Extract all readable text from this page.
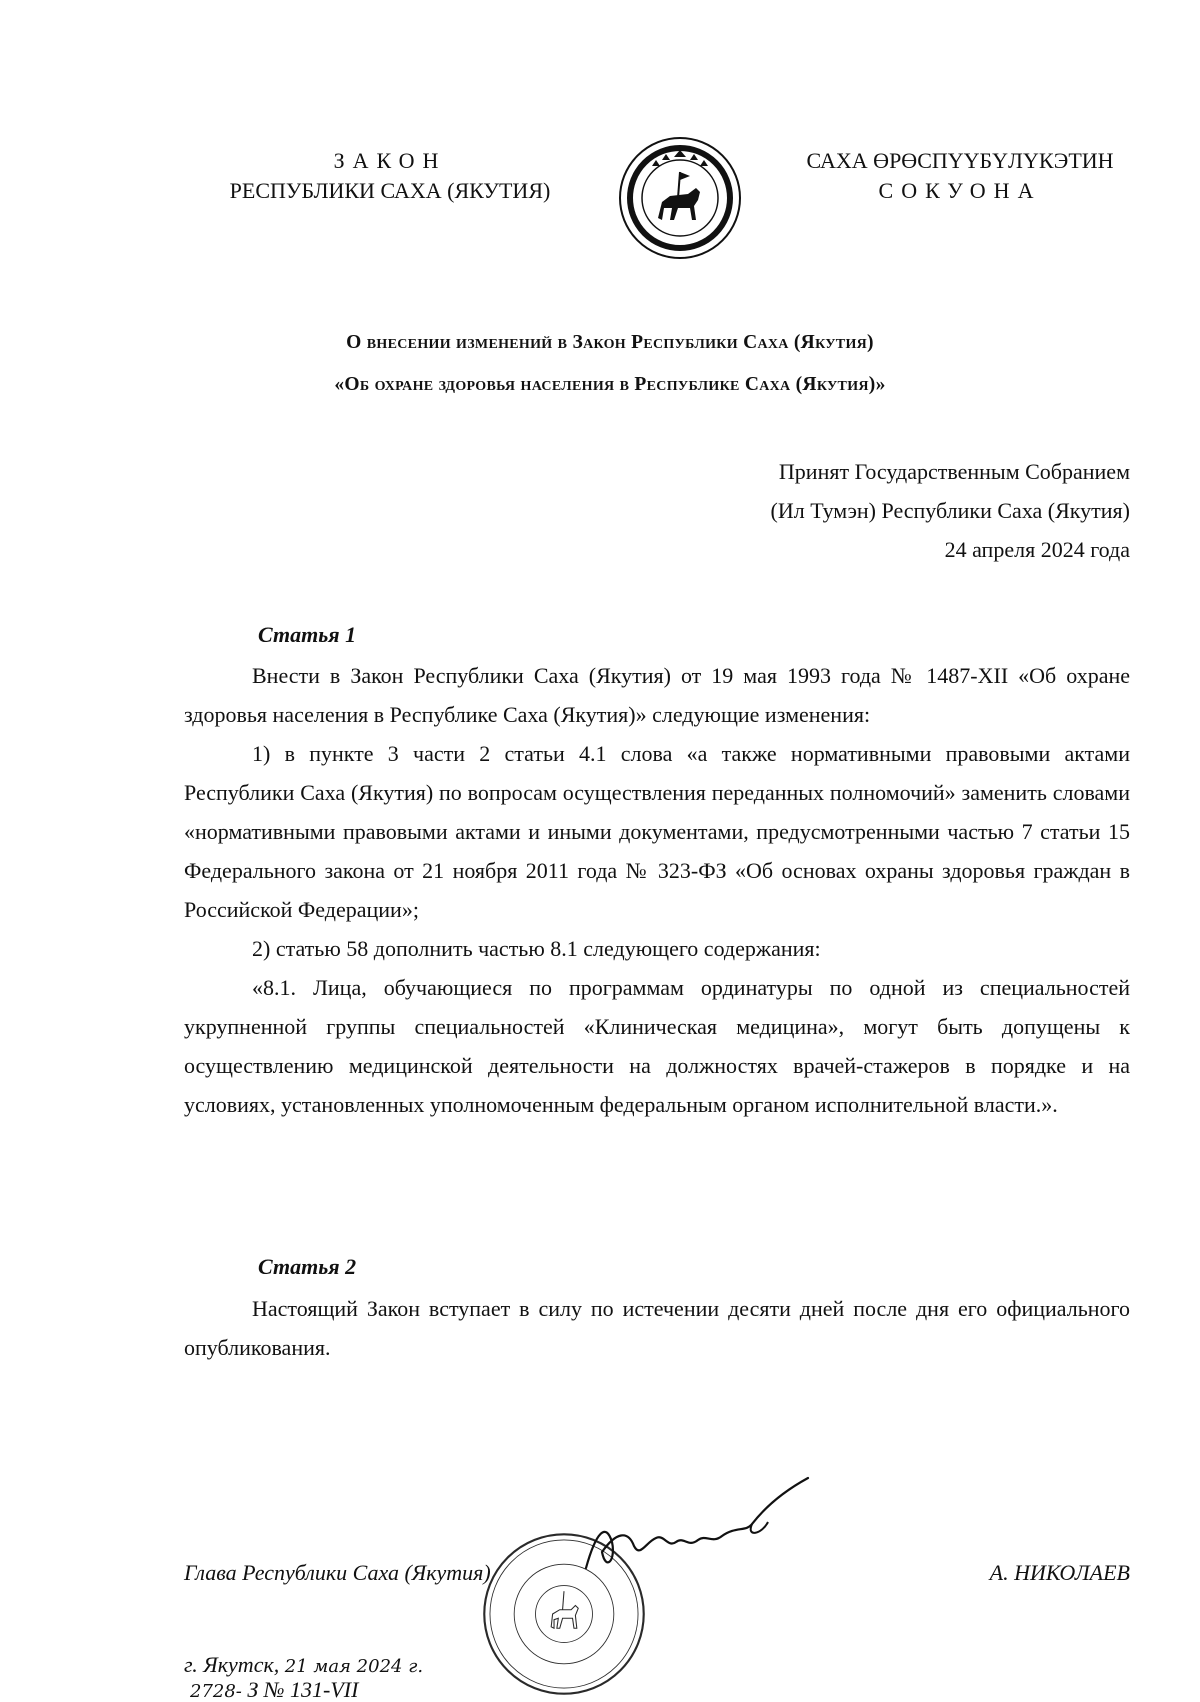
ЗАКОН
РЕСПУБЛИКИ САХА (ЯКУТИЯ)
САХА ӨРӨСПҮҮБҮЛҮКЭТИН
СОКУОНА
О внесении изменений в Закон Республики Саха (Якутия)
«Об охране здоровья населения в Республике Саха (Якутия)»
Принят Государственным Собранием
(Ил Тумэн) Республики Саха (Якутия)
24 апреля 2024 года
Статья 1

Внести в Закон Республики Саха (Якутия) от 19 мая 1993 года № 1487-XII «Об охране здоровья населения в Республике Саха (Якутия)» следующие изменения:

1) в пункте 3 части 2 статьи 4.1 слова «а также нормативными правовыми актами Республики Саха (Якутия) по вопросам осуществления переданных полномочий» заменить словами «нормативными правовыми актами и иными документами, предусмотренными частью 7 статьи 15 Федерального закона от 21 ноября 2011 года № 323-ФЗ «Об основах охраны здоровья граждан в Российской Федерации»;

2) статью 58 дополнить частью 8.1 следующего содержания:

«8.1. Лица, обучающиеся по программам ординатуры по одной из специальностей укрупненной группы специальностей «Клиническая медицина», могут быть допущены к осуществлению медицинской деятельности на должностях врачей-стажеров в порядке и на условиях, установленных уполномоченным федеральным органом исполнительной власти.».

Статья 2

Настоящий Закон вступает в силу по истечении десяти дней после дня его официального опубликования.

Глава Республики Саха (Якутия)	А. НИКОЛАЕВ
г. Якутск, 21 мая 2024 г.
2728- З № 131-VII
